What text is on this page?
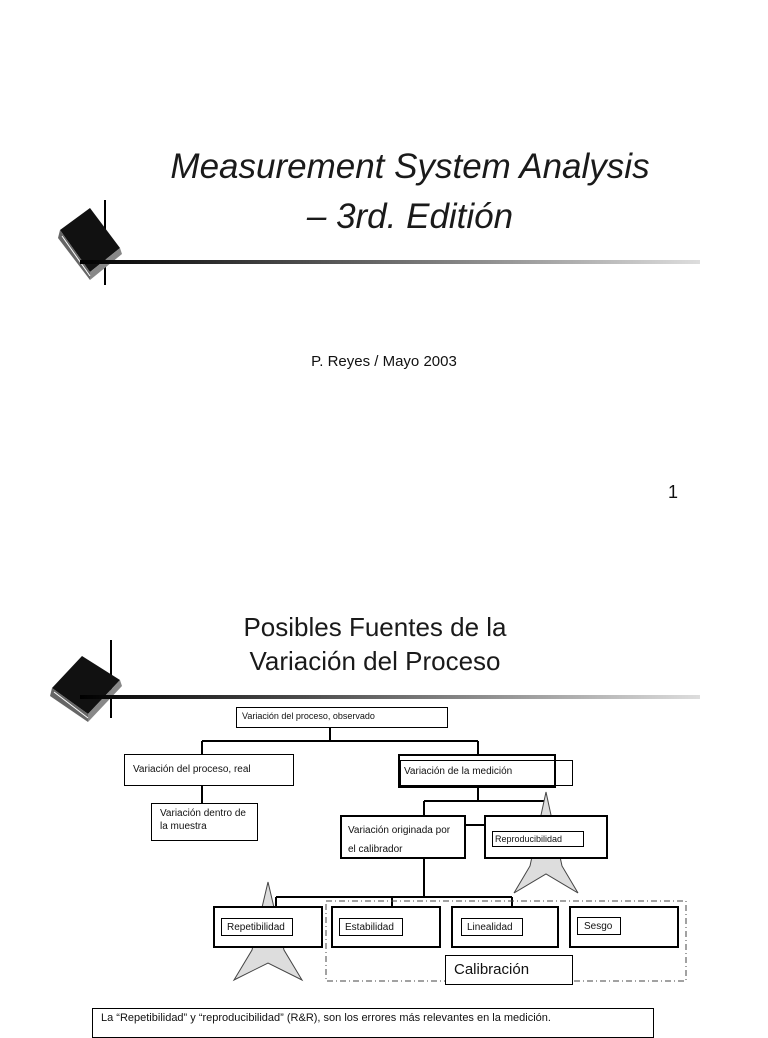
Measurement System Analysis
– 3rd. Editión
P. Reyes / Mayo 2003
1
Posibles Fuentes de la
Variación del Proceso
Variación del proceso, observado
Variación del proceso, real	Variación de la medición
Variación dentro de la muestra	Variación originada por el calibrador
Reproducibilidad
Repetibilidad	Estabilidad	Linealidad	Sesgo
Calibración
La “Repetibilidad” y “reproducibilidad” (R&R), son los errores más relevantes en la medición.
